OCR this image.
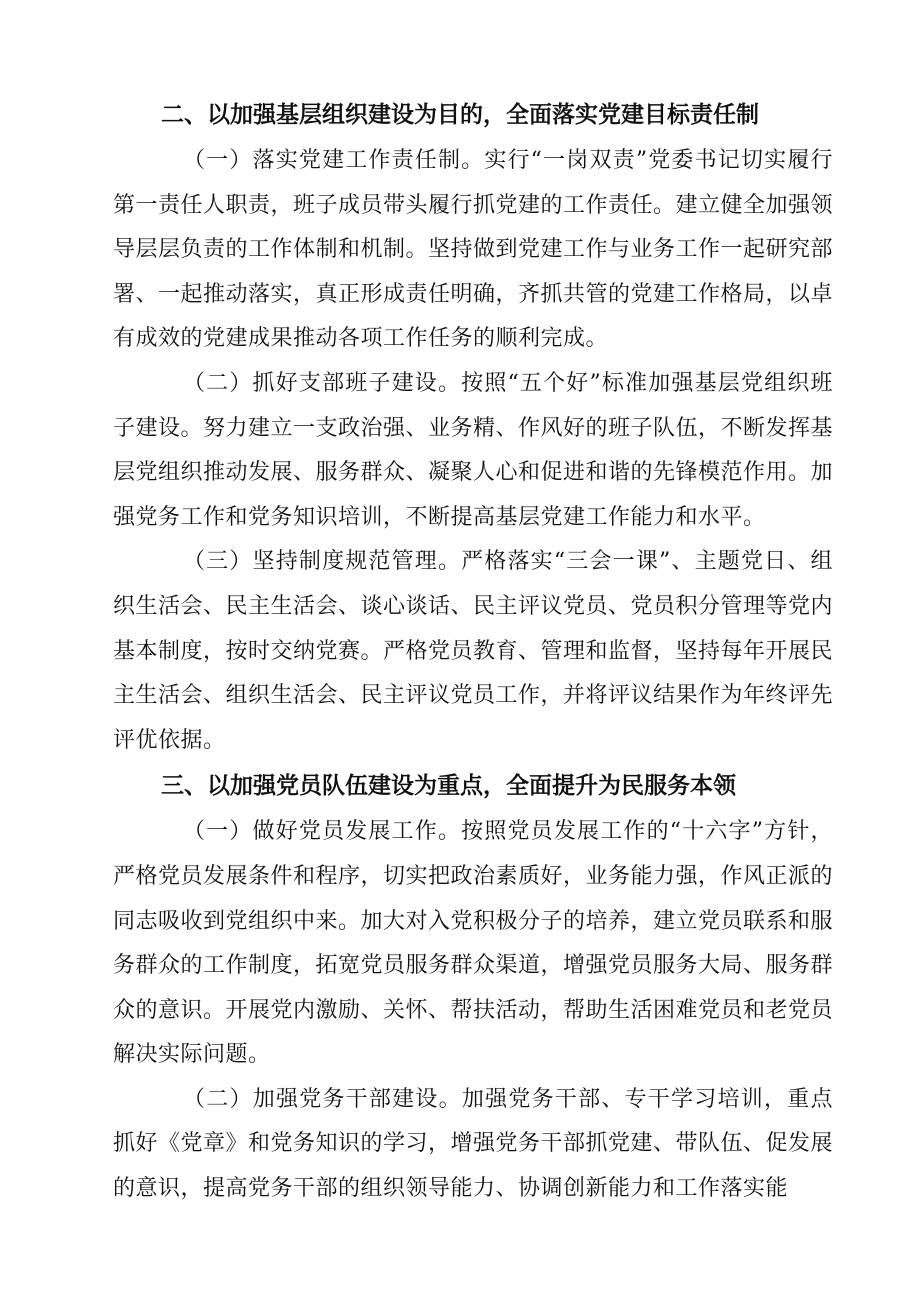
二、以加强基层组织建设为目的，全面落实党建目标责任制

（一）落实党建工作责任制。实行“一岗双责”党委书记切实履行第一责任人职责，班子成员带头履行抓党建的工作责任。建立健全加强领导层层负责的工作体制和机制。坚持做到党建工作与业务工作一起研究部署、一起推动落实，真正形成责任明确，齐抓共管的党建工作格局，以卓有成效的党建成果推动各项工作任务的顺利完成。

（二）抓好支部班子建设。按照“五个好”标准加强基层党组织班子建设。努力建立一支政治强、业务精、作风好的班子队伍，不断发挥基层党组织推动发展、服务群众、凝聚人心和促进和谐的先锋模范作用。加强党务工作和党务知识培训，不断提高基层党建工作能力和水平。

（三）坚持制度规范管理。严格落实“三会一课”、主题党日、组织生活会、民主生活会、谈心谈话、民主评议党员、党员积分管理等党内基本制度，按时交纳党赛。严格党员教育、管理和监督，坚持每年开展民主生活会、组织生活会、民主评议党员工作，并将评议结果作为年终评先评优依据。

三、以加强党员队伍建设为重点，全面提升为民服务本领

（一）做好党员发展工作。按照党员发展工作的“十六字”方针，严格党员发展条件和程序，切实把政治素质好，业务能力强，作风正派的同志吸收到党组织中来。加大对入党积极分子的培养，建立党员联系和服务群众的工作制度，拓宽党员服务群众渠道，增强党员服务大局、服务群众的意识。开展党内激励、关怀、帮扶活动，帮助生活困难党员和老党员解决实际问题。

（二）加强党务干部建设。加强党务干部、专干学习培训，重点抓好《党章》和党务知识的学习，增强党务干部抓党建、带队伍、促发展的意识，提高党务干部的组织领导能力、协调创新能力和工作落实能
